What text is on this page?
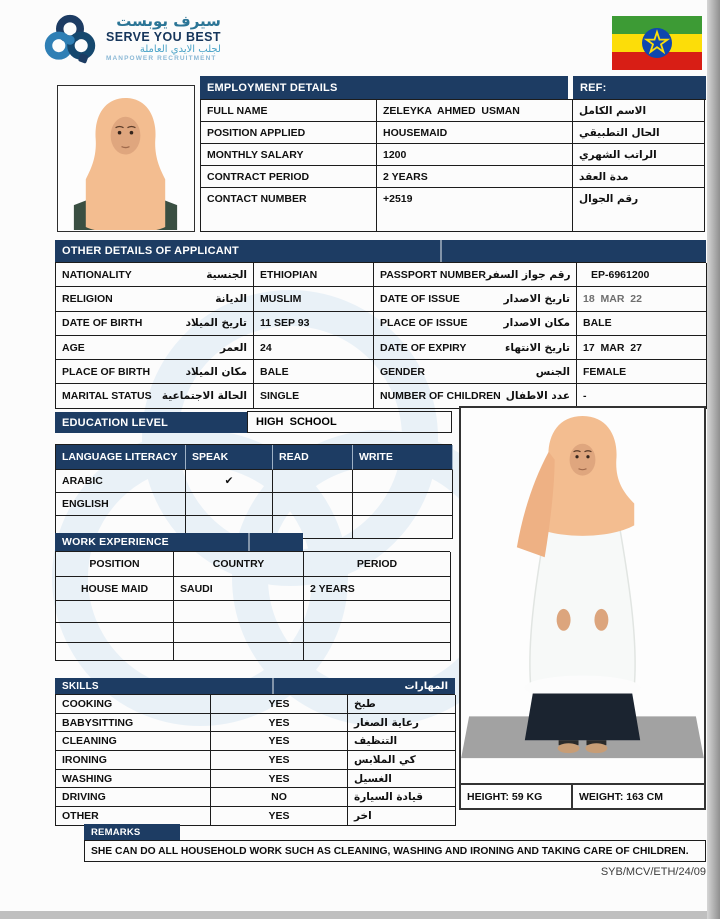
سيرف يوبست
SERVE YOU BEST
لجلب الايدي العاملة
MANPOWER RECRUITMENT
EMPLOYMENT DETAILS	REF:
FULL NAME	ZELEYKA  AHMED  USMAN	الاسم الكامل
POSITION APPLIED	HOUSEMAID	الحال التطبيقي
MONTHLY SALARY	1200	الراتب الشهري
CONTRACT PERIOD	2 YEARS	مدة العقد
CONTACT NUMBER	+2519	رقم الجوال
OTHER DETAILS OF APPLICANT
NATIONALITY	الجنسية	ETHIOPIAN	PASSPORT NUMBER رقم جواز السفر	EP-6961200
RELIGION	الديانة	MUSLIM	DATE OF ISSUE	تاريخ الاصدار	18  MAR  22
DATE OF BIRTH	تاريخ الميلاد	11 SEP 93	PLACE OF ISSUE	مكان الاصدار	BALE
AGE	العمر	24	DATE OF EXPIRY	تاريخ الانتهاء	17  MAR  27
PLACE OF BIRTH	مكان الميلاد	BALE	GENDER	الجنس	FEMALE
MARITAL STATUS الحالة الاجتماعية	SINGLE	NUMBER OF CHILDREN عدد الاطفال	-
EDUCATION LEVEL	HIGH  SCHOOL
LANGUAGE LITERACY	SPEAK	READ	WRITE
ARABIC	✔
ENGLISH
WORK EXPERIENCE
POSITION	COUNTRY	PERIOD
HOUSE MAID	SAUDI	2 YEARS
SKILLS	المهارات
COOKING	YES	طبخ
BABYSITTING	YES	رعاية الصغار
CLEANING	YES	التنظيف
IRONING	YES	كي الملابس
WASHING	YES	الغسيل
DRIVING	NO	قيادة السيارة
OTHER	YES	اخر
HEIGHT: 59 KG	WEIGHT: 163 CM
REMARKS
SHE CAN DO ALL HOUSEHOLD WORK SUCH AS CLEANING, WASHING AND IRONING AND TAKING CARE OF CHILDREN.
SYB/MCV/ETH/24/09
